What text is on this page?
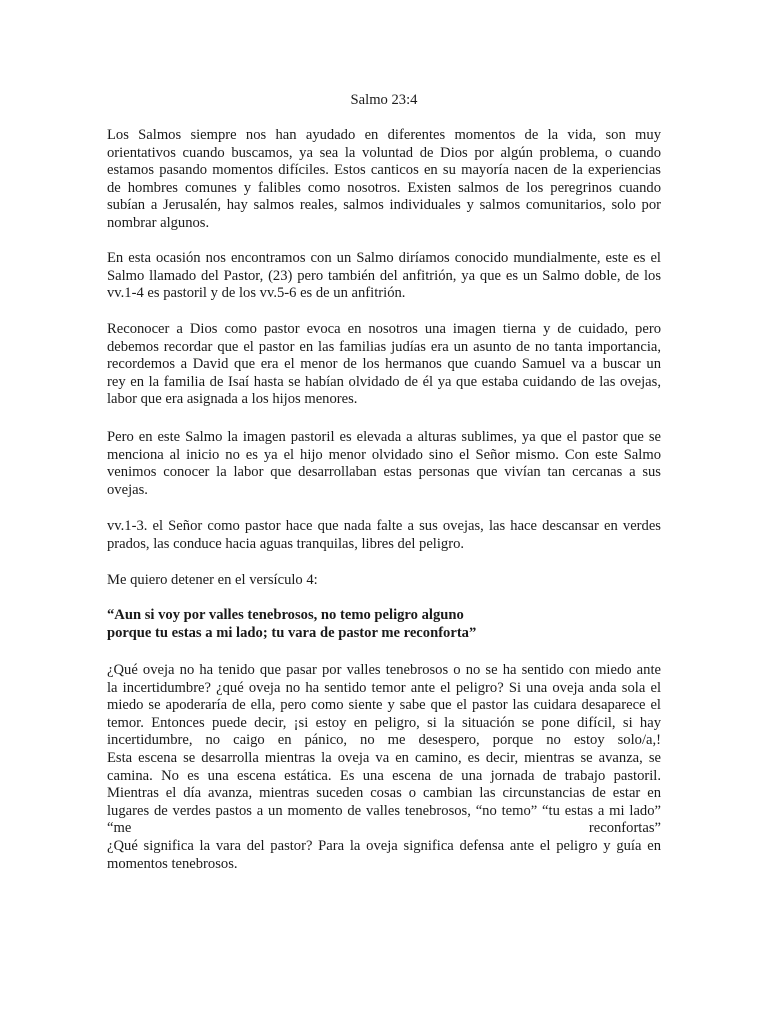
Salmo 23:4
Los Salmos siempre nos han ayudado en diferentes momentos de la vida, son muy
orientativos cuando buscamos, ya sea la voluntad de Dios por algún problema, o cuando
estamos pasando momentos difíciles. Estos canticos en su mayoría nacen de la experiencias
de hombres comunes y falibles como nosotros. Existen salmos de los peregrinos cuando
subían a Jerusalén, hay salmos reales, salmos individuales y salmos comunitarios, solo por
nombrar algunos.
En esta ocasión nos encontramos con un Salmo diríamos conocido mundialmente, este es el
Salmo llamado del Pastor, (23) pero también del anfitrión, ya que es un Salmo doble, de los
vv.1-4 es pastoril y de los vv.5-6 es de un anfitrión.
Reconocer a Dios como pastor evoca en nosotros una imagen tierna y de cuidado, pero
debemos recordar que el pastor en las familias judías era un asunto de no tanta importancia,
recordemos a David que era el menor de los hermanos que cuando Samuel va a buscar un
rey en la familia de Isaí hasta se habían olvidado de él ya que estaba cuidando de las ovejas,
labor que era asignada a los hijos menores.
Pero en este Salmo la imagen pastoril es elevada a alturas sublimes, ya que el pastor que se
menciona al inicio no es ya el hijo menor olvidado sino el Señor mismo. Con este Salmo
venimos conocer la labor que desarrollaban estas personas que vivían tan cercanas a sus
ovejas.
vv.1-3. el Señor como pastor hace que nada falte a sus ovejas, las hace descansar en verdes
prados, las conduce hacia aguas tranquilas, libres del peligro.
Me quiero detener en el versículo 4:
“Aun si voy por valles tenebrosos, no temo peligro alguno
porque tu estas a mi lado; tu vara de pastor me reconforta”
¿Qué oveja no ha tenido que pasar por valles tenebrosos o no se ha sentido con miedo ante
la incertidumbre? ¿qué oveja no ha sentido temor ante el peligro? Si una oveja anda sola el
miedo se apoderaría de ella, pero como siente y sabe que el pastor las cuidara desaparece el
temor. Entonces puede decir, ¡si estoy en peligro, si la situación se pone difícil, si hay
incertidumbre, no caigo en pánico, no me desespero, porque no estoy solo/a,!
Esta escena se desarrolla mientras la oveja va en camino, es decir, mientras se avanza, se
camina. No es una escena estática. Es una escena de una jornada de trabajo pastoril.
Mientras el día avanza, mientras suceden cosas o cambian las circunstancias de estar en
lugares de verdes pastos a un momento de valles tenebrosos, “no temo” “tu estas a mi lado”
“me reconfortas”
¿Qué significa la vara del pastor? Para la oveja significa defensa ante el peligro y guía en
momentos tenebrosos.
